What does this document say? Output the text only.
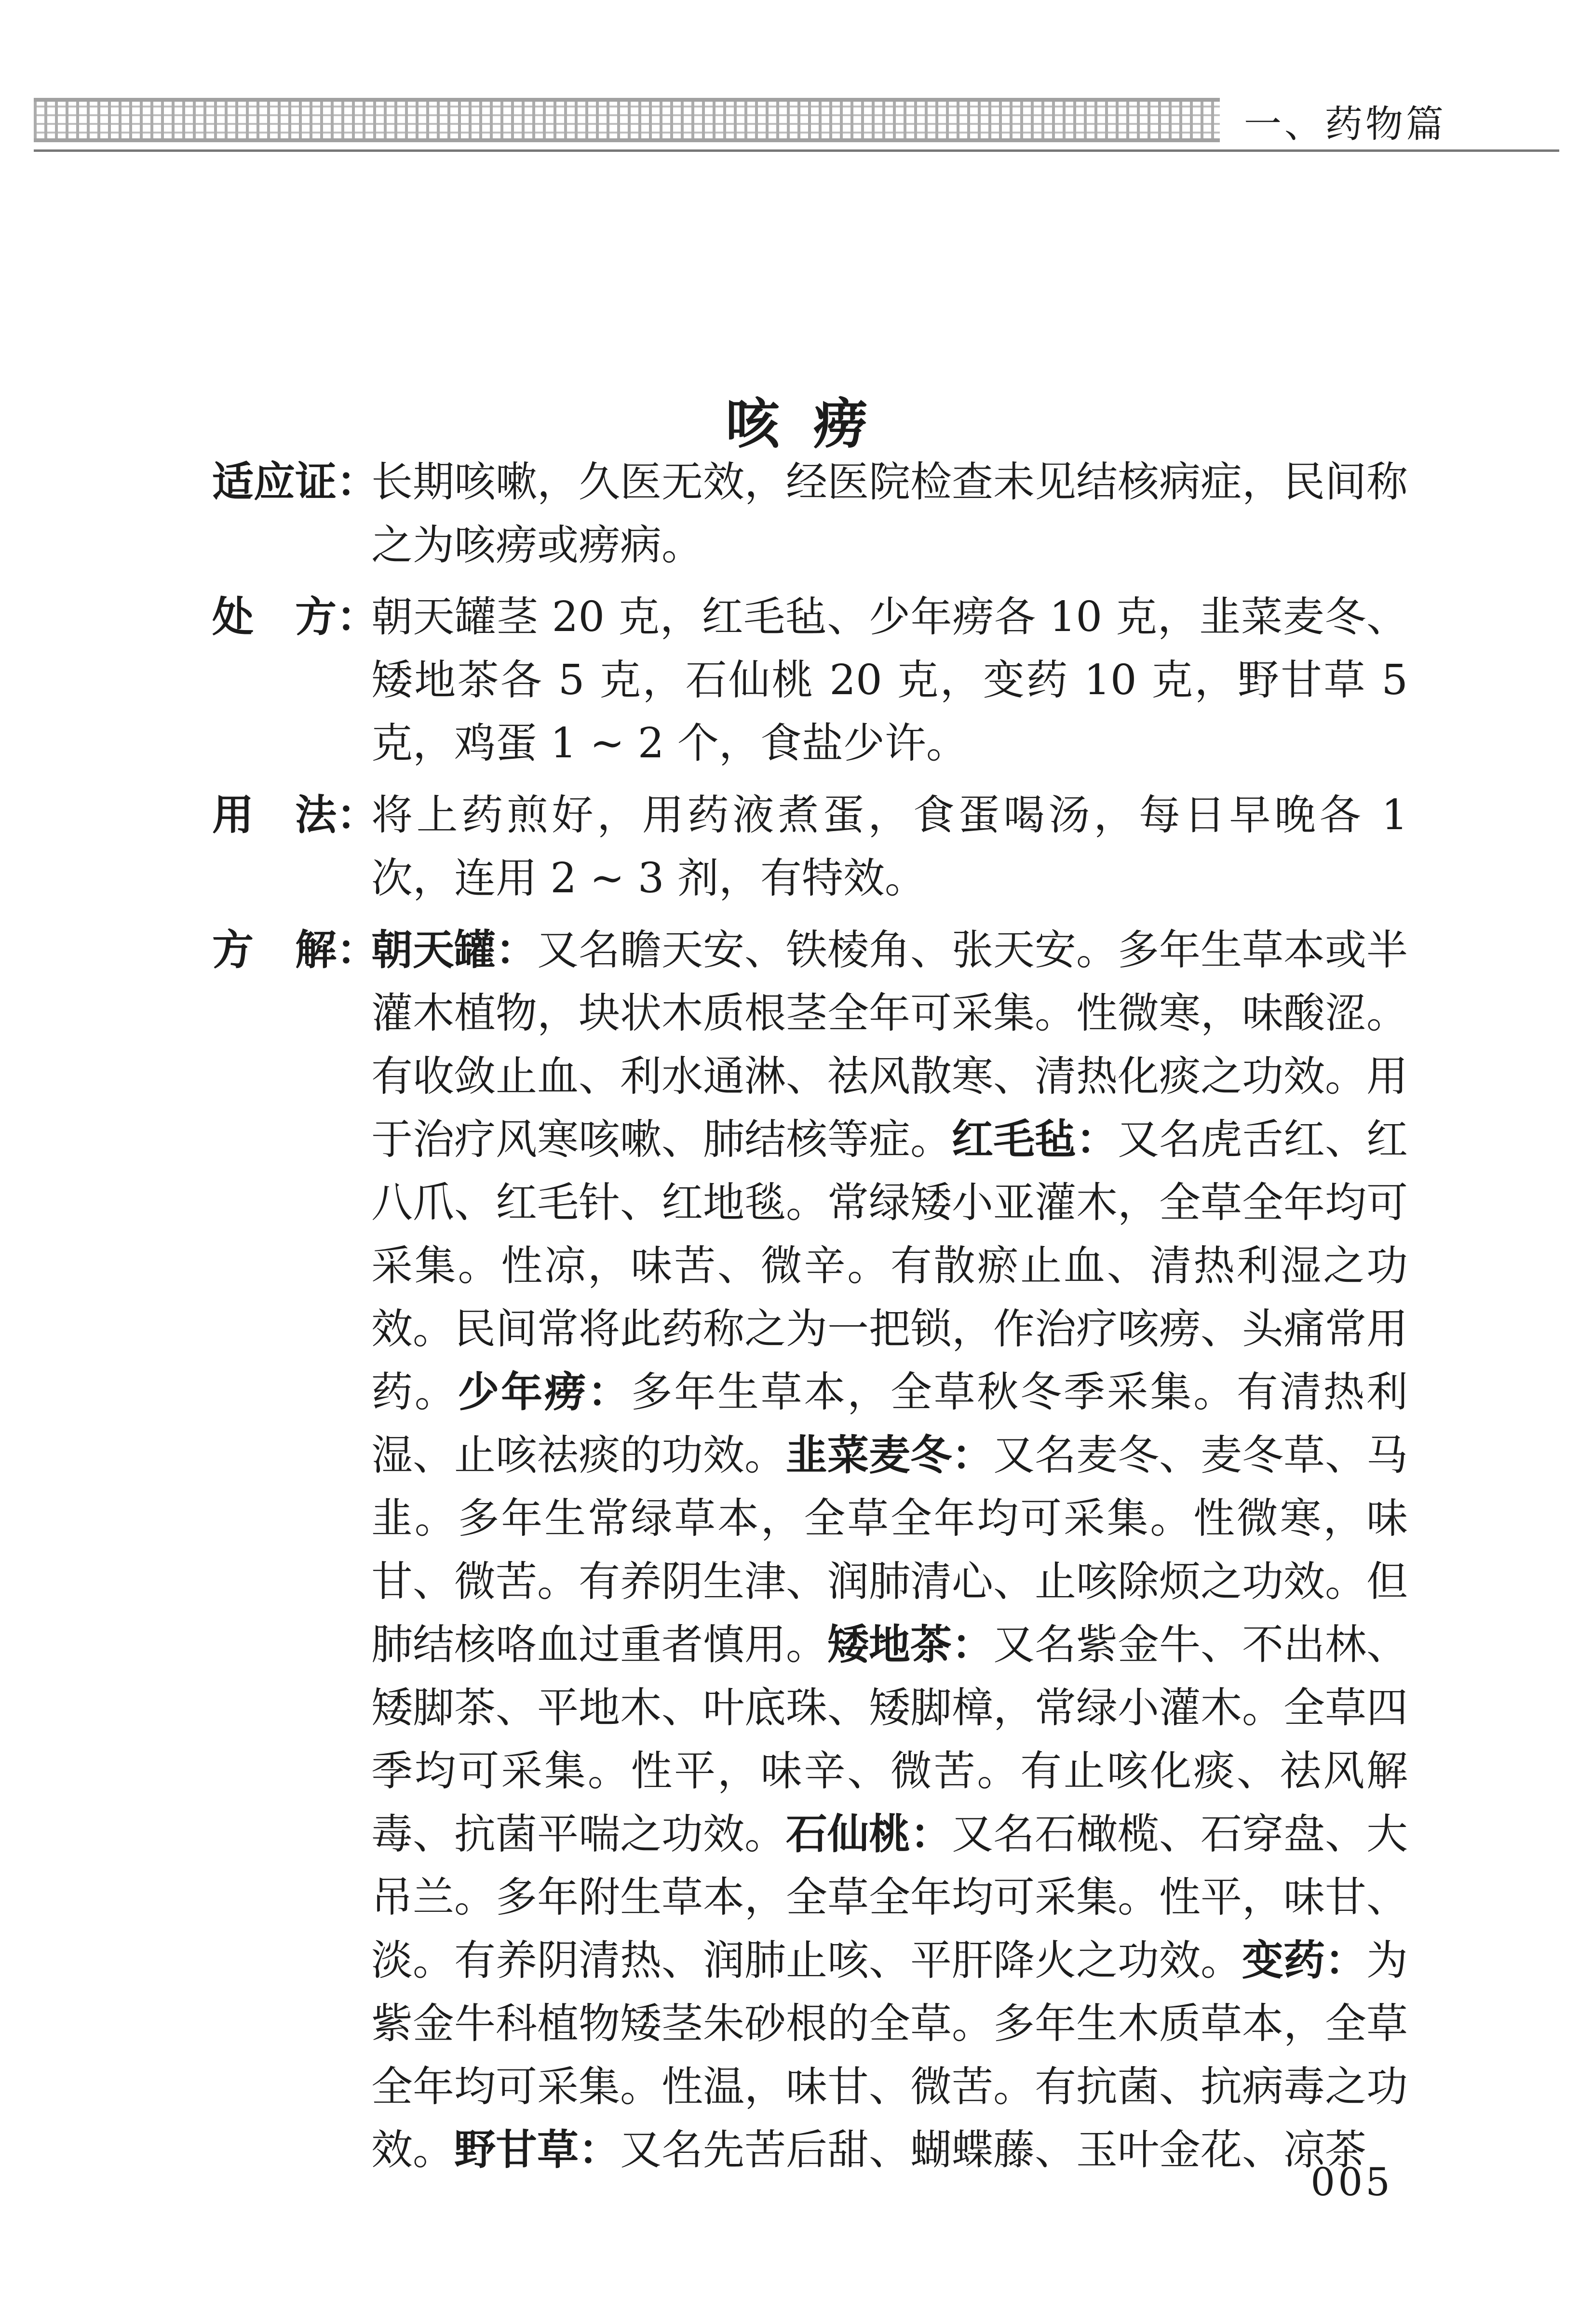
一、药物篇
咳痨
适应证：
长期咳嗽，久医无效，经医院检查未见结核病症，民间称之为咳痨或痨病。
处　方：
朝天罐茎 20 克，红毛毡、少年痨各 10 克，韭菜麦冬、矮地茶各 5 克，石仙桃 20 克，变药 10 克，野甘草 5 克，鸡蛋 1 ~ 2 个，食盐少许。
用　法：
将上药煎好，用药液煮蛋，食蛋喝汤，每日早晚各 1 次，连用 2 ~ 3 剂，有特效。
方　解：
朝天罐：又名瞻天安、铁棱角、张天安。多年生草本或半灌木植物，块状木质根茎全年可采集。性微寒，味酸涩。有收敛止血、利水通淋、祛风散寒、清热化痰之功效。用于治疗风寒咳嗽、肺结核等症。红毛毡：又名虎舌红、红八爪、红毛针、红地毯。常绿矮小亚灌木，全草全年均可采集。性凉，味苦、微辛。有散瘀止血、清热利湿之功效。民间常将此药称之为一把锁，作治疗咳痨、头痛常用药。少年痨：多年生草本，全草秋冬季采集。有清热利湿、止咳祛痰的功效。韭菜麦冬：又名麦冬、麦冬草、马韭。多年生常绿草本，全草全年均可采集。性微寒，味甘、微苦。有养阴生津、润肺清心、止咳除烦之功效。但肺结核咯血过重者慎用。矮地茶：又名紫金牛、不出林、矮脚茶、平地木、叶底珠、矮脚樟，常绿小灌木。全草四季均可采集。性平，味辛、微苦。有止咳化痰、祛风解毒、抗菌平喘之功效。石仙桃：又名石橄榄、石穿盘、大吊兰。多年附生草本，全草全年均可采集。性平，味甘、淡。有养阴清热、润肺止咳、平肝降火之功效。变药：为紫金牛科植物矮茎朱砂根的全草。多年生木质草本，全草全年均可采集。性温，味甘、微苦。有抗菌、抗病毒之功效。野甘草：又名先苦后甜、蝴蝶藤、玉叶金花、凉茶
005
